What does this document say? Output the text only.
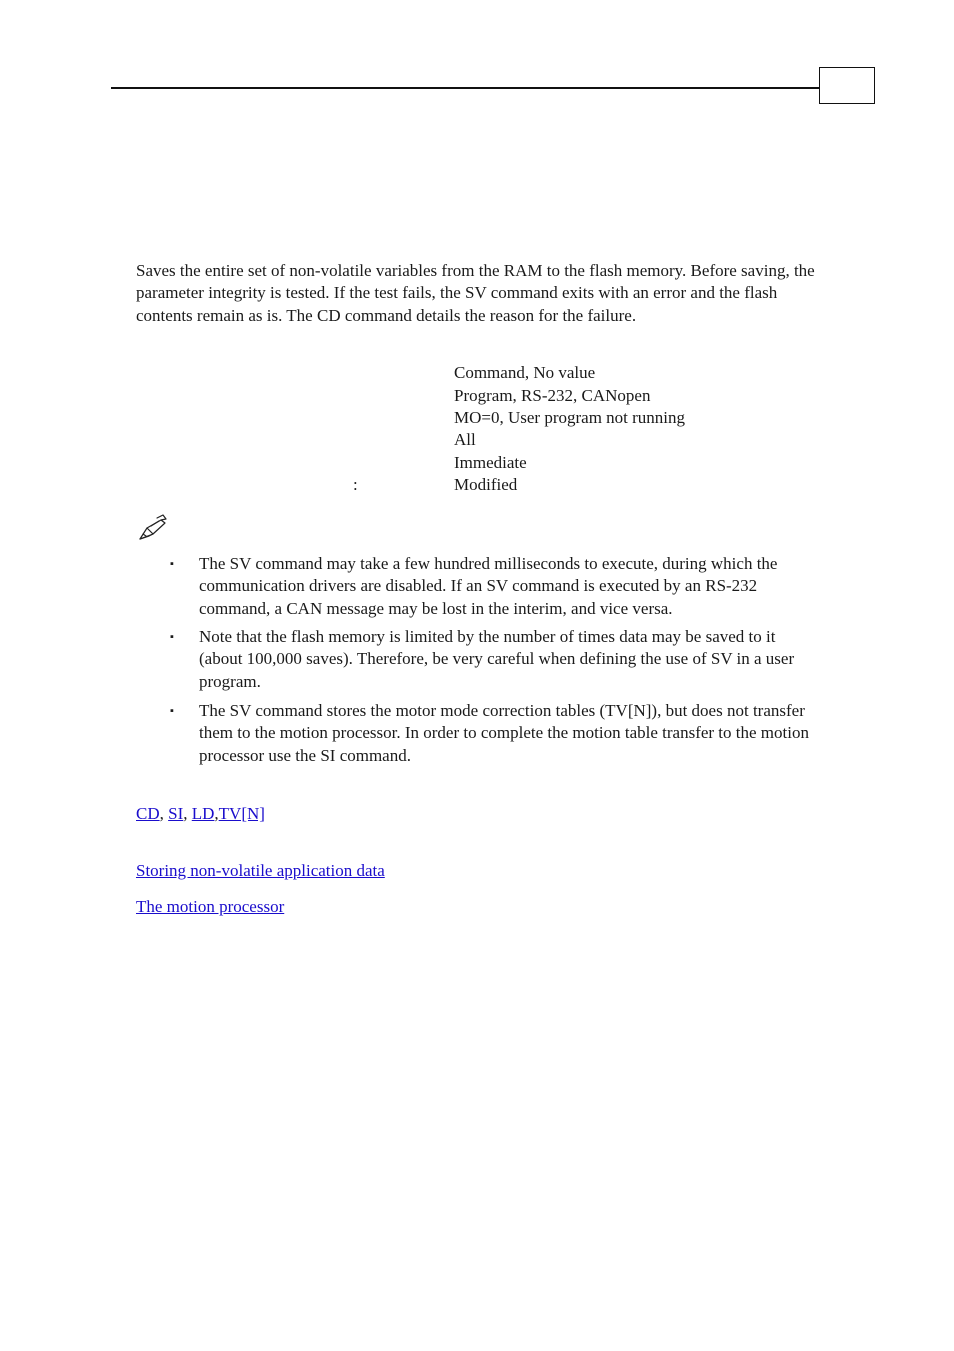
Saves the entire set of non-volatile variables from the RAM to the flash memory. Before saving, the parameter integrity is tested. If the test fails, the SV command exits with an error and the flash contents remain as is. The CD command details the reason for the failure.

Command, No value
Program, RS-232, CANopen
MO=0, User program not running
All
Immediate
:	Modified
▪ The SV command may take a few hundred milliseconds to execute, during which the communication drivers are disabled. If an SV command is executed by an RS-232 command, a CAN message may be lost in the interim, and vice versa.
▪ Note that the flash memory is limited by the number of times data may be saved to it (about 100,000 saves). Therefore, be very careful when defining the use of SV in a user program.
▪ The SV command stores the motor mode correction tables (TV[N]), but does not transfer them to the motion processor. In order to complete the motion table transfer to the motion processor use the SI command.
CD, SI, LD,TV[N]
Storing non-volatile application data
The motion processor
